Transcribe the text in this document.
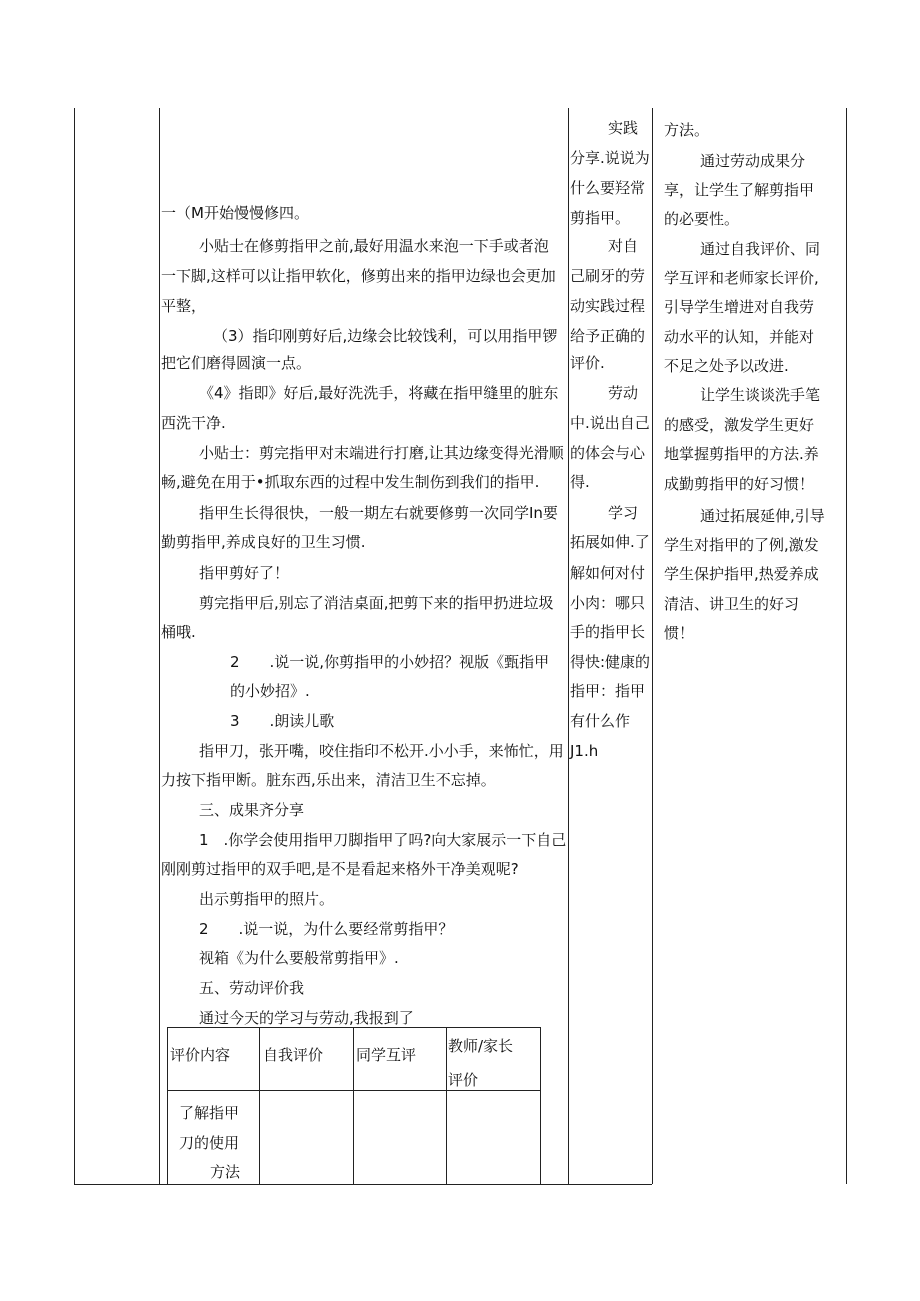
一（M开始慢慢修四。
小贴士在修剪指甲之前,最好用温水来泡一下手或者泡
一下脚,这样可以让指甲软化，修剪出来的指甲边绿也会更加
平整，
（3）指印刚剪好后,边缘会比较饯利，可以用指甲锣
把它们磨得圆演一点。
《4》指即》好后,最好洗洗手，将藏在指甲缝里的脏东
西洗干净.
小贴士：剪完指甲对末端进行打磨,让其边缘变得光滑顺
畅,避免在用于•抓取东西的过程中发生制伤到我们的指甲.
指甲生长得很快，一般一期左右就要修剪一次同学In要
勤剪指甲,养成良好的卫生习惯.
指甲剪好了！
剪完指甲后,别忘了消洁桌面,把剪下来的指甲扔进垃圾
桶哦.
2　　.说一说,你剪指甲的小妙招？视版《甄指甲
的小妙招》.
3　　.朗读儿歌
指甲刀，张开嘴，咬住指印不松开.小小手，来怖忙，用
力按下指甲断。脏东西,乐出来，清洁卫生不忘掉。
三、成果齐分享
1　.你学会使用指甲刀脚指甲了吗?向大家展示一下自己
刚刚剪过指甲的双手吧,是不是看起来格外干净美观呢?
出示剪指甲的照片。
2　　.说一说，为什么要经常剪指甲？
视箱《为什么要般常剪指甲》.
五、劳动评价我
通过今天的学习与劳动,我报到了
实践
分享.说说为
什么要羟常
剪指甲。
对自
己刷牙的劳
动实践过程
给予正确的
评价.
劳动
中.说出自己
的体会与心
得.
学习
拓展如伸.了
解如何对付
小肉：哪只
手的指甲长
得快:健康的
指甲：指甲
有什么作
J1.h
方法。
通过劳动成果分
享，让学生了解剪指甲
的必要性。
通过自我评价、同
学互评和老师家长评价,
引导学生增进对自我劳
动水平的认知，并能对
不足之处予以改进.
让学生谈谈洗手笔
的感受，激发学生更好
地掌握剪指甲的方法.养
成勤剪指甲的好习惯！
通过拓展延伸,引导
学生对指甲的了例,激发
学生保护指甲,热爱养成
清洁、讲卫生的好习
惯！
评价内容 自我评价 同学互评 教师/家长
评价
了解指甲
刀的使用
方法
